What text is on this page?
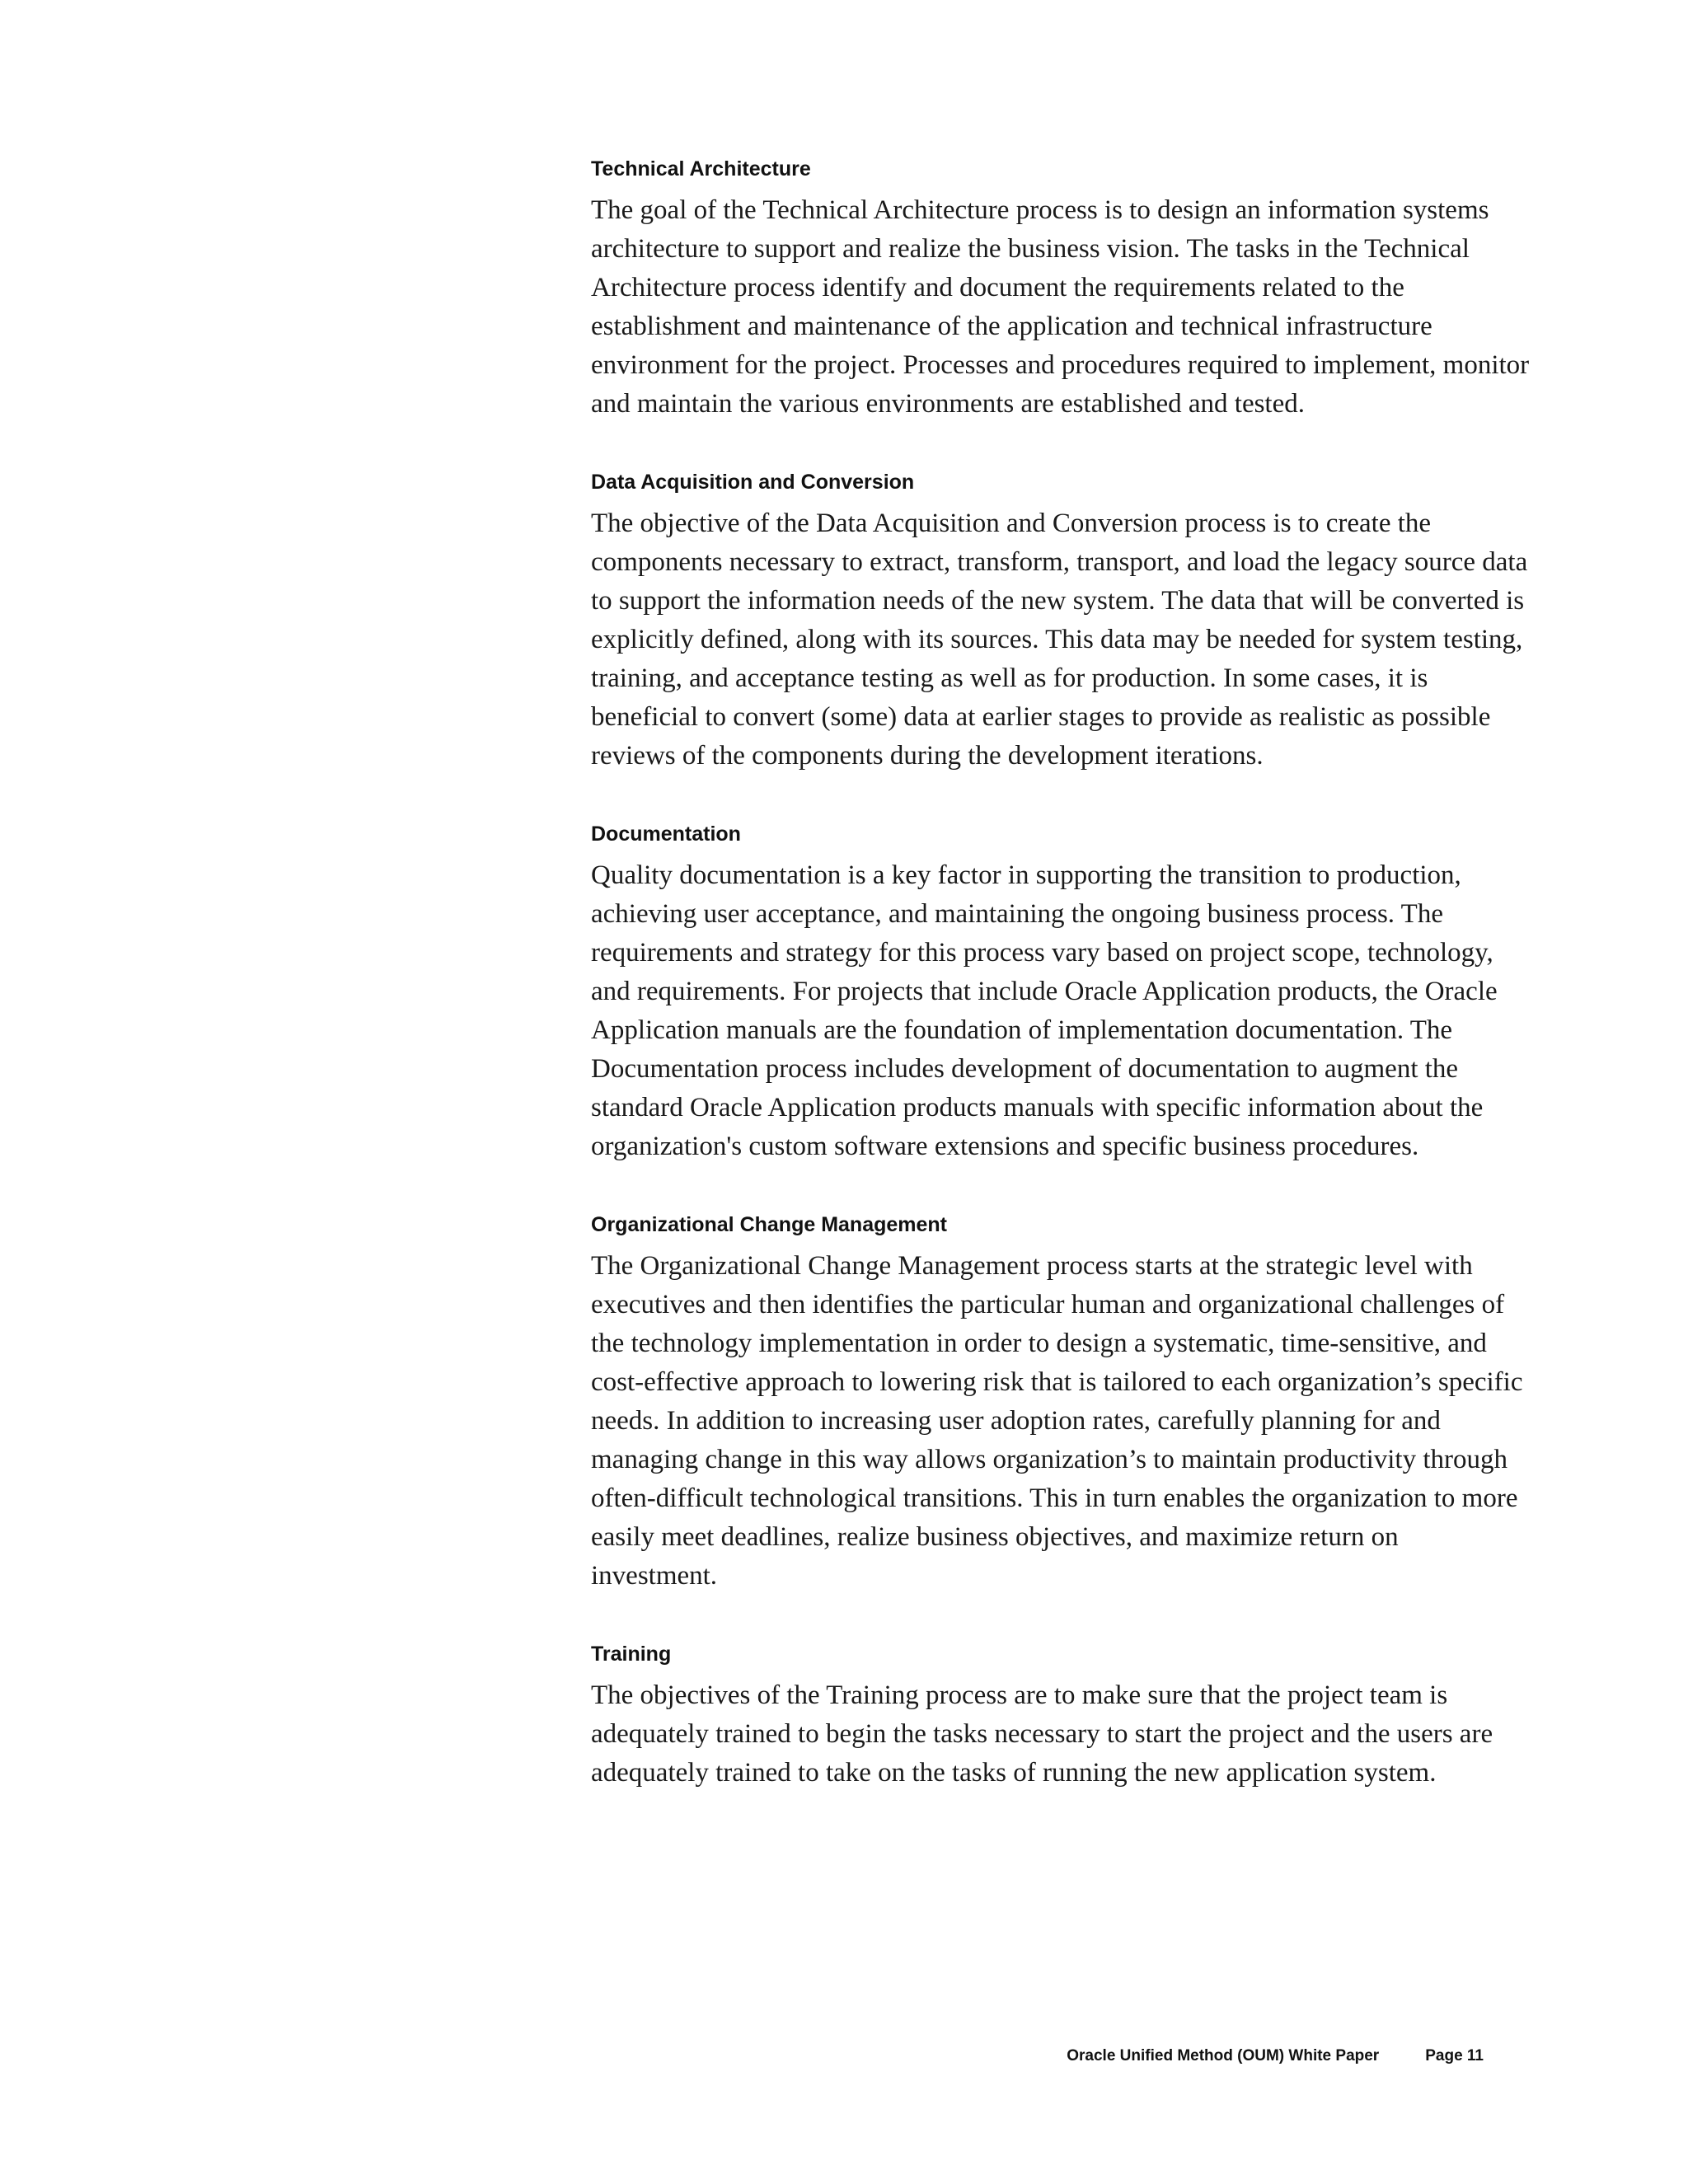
Technical Architecture

The goal of the Technical Architecture process is to design an information systems architecture to support and realize the business vision. The tasks in the Technical Architecture process identify and document the requirements related to the establishment and maintenance of the application and technical infrastructure environment for the project. Processes and procedures required to implement, monitor and maintain the various environments are established and tested.

Data Acquisition and Conversion

The objective of the Data Acquisition and Conversion process is to create the components necessary to extract, transform, transport, and load the legacy source data to support the information needs of the new system. The data that will be converted is explicitly defined, along with its sources. This data may be needed for system testing, training, and acceptance testing as well as for production. In some cases, it is beneficial to convert (some) data at earlier stages to provide as realistic as possible reviews of the components during the development iterations.

Documentation

Quality documentation is a key factor in supporting the transition to production, achieving user acceptance, and maintaining the ongoing business process. The requirements and strategy for this process vary based on project scope, technology, and requirements. For projects that include Oracle Application products, the Oracle Application manuals are the foundation of implementation documentation. The Documentation process includes development of documentation to augment the standard Oracle Application products manuals with specific information about the organization's custom software extensions and specific business procedures.

Organizational Change Management

The Organizational Change Management process starts at the strategic level with executives and then identifies the particular human and organizational challenges of the technology implementation in order to design a systematic, time-sensitive, and cost-effective approach to lowering risk that is tailored to each organization’s specific needs. In addition to increasing user adoption rates, carefully planning for and managing change in this way allows organization’s to maintain productivity through often-difficult technological transitions. This in turn enables the organization to more easily meet deadlines, realize business objectives, and maximize return on investment.

Training

The objectives of the Training process are to make sure that the project team is adequately trained to begin the tasks necessary to start the project and the users are adequately trained to take on the tasks of running the new application system.

Oracle Unified Method (OUM) White Paper	Page 11
